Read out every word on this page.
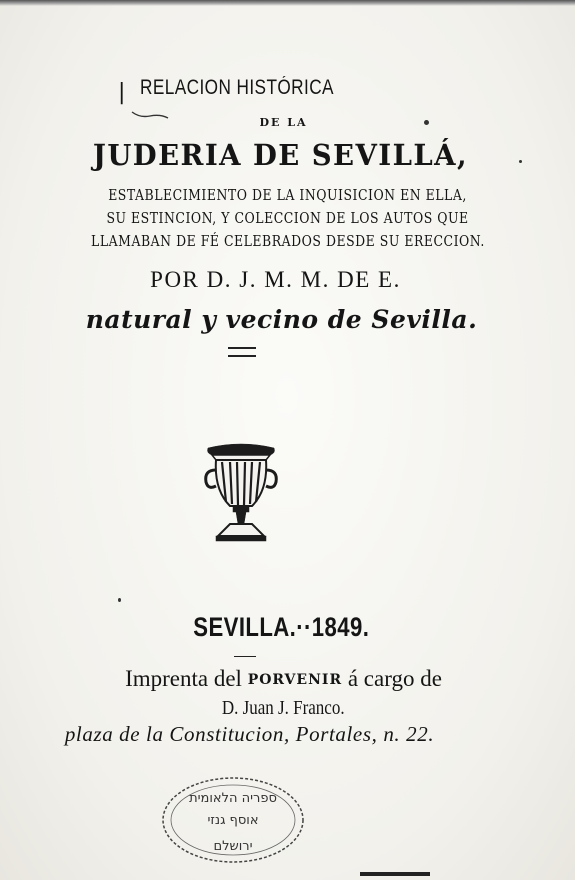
| RELACION HISTÓRICA
DE LA
JUDERIA DE SEVILLÁ,
ESTABLECIMIENTO DE LA INQUISICION EN ELLA,
SU ESTINCION, Y COLECCION DE LOS AUTOS QUE
LLAMABAN DE FÉ CELEBRADOS DESDE SU ERECCION.
POR D. J. M. M. DE E.
natural y vecino de Sevilla.
SEVILLA.··1849.
Imprenta del PORVENIR á cargo de
D. Juan J. Franco.
plaza de la Constitucion, Portales, n. 22.
ספריה הלאומית
אוסף גנזי
ירושלם
